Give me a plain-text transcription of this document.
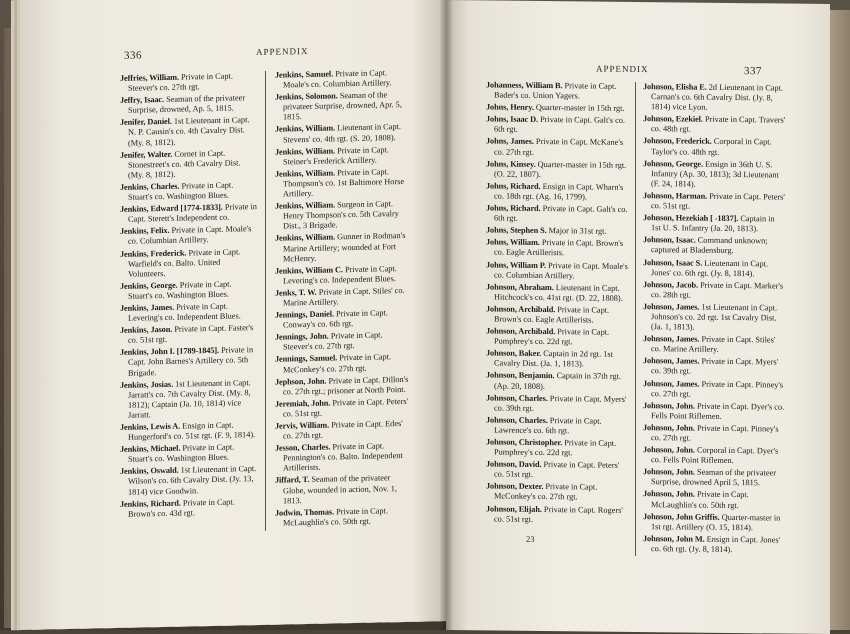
336	APPENDIX

Jeffries, William. Private in Capt. Steever's co. 27th rgt.

Jeffry, Isaac. Seaman of the privateer Surprise, drowned, Ap. 5, 1815.

Jenifer, Daniel. 1st Lieutenant in Capt. N. P. Causin's co. 4th Cavalry Dist. (My. 8, 1812).

Jenifer, Walter. Cornet in Capt. Stonestreet's co. 4th Cavalry Dist. (My. 8, 1812).

Jenkins, Charles. Private in Capt. Stuart's co. Washington Blues.

Jenkins, Edward [1774-1833]. Private in Capt. Sterett's Independent co.

Jenkins, Felix. Private in Capt. Moale's co. Columbian Artillery.

Jenkins, Frederick. Private in Capt. Warfield's co. Balto. United Volunteers.

Jenkins, George. Private in Capt. Stuart's co. Washington Blues.

Jenkins, James. Private in Capt. Levering's co. Independent Blues.

Jenkins, Jason. Private in Capt. Faster's co. 51st rgt.

Jenkins, John I. [1789-1845]. Private in Capt. John Barnes's Artillery co. 5th Brigade.

Jenkins, Josias. 1st Lieutenant in Capt. Jarratt's co. 7th Cavalry Dist. (My. 8, 1812); Captain (Ja. 10, 1814) vice Jarratt.

Jenkins, Lewis A. Ensign in Capt. Hungerford's co. 51st rgt. (F. 9, 1814).

Jenkins, Michael. Private in Capt. Stuart's co. Washington Blues.

Jenkins, Oswald. 1st Lieutenant in Capt. Wilson's co. 6th Cavalry Dist. (Jy. 13, 1814) vice Goodwin.

Jenkins, Richard. Private in Capt. Brown's co. 43d rgt.

Jenkins, Samuel. Private in Capt. Moale's co. Columbian Artillery.

Jenkins, Solomon. Seaman of the privateer Surprise, drowned, Apr. 5, 1815.

Jenkins, William. Lieutenant in Capt. Stevens' co. 4th rgt. (S. 20, 1808).

Jenkins, William. Private in Capt. Steiner's Frederick Artillery.

Jenkins, William. Private in Capt. Thompson's co. 1st Baltimore Horse Artillery.

Jenkins, William. Surgeon in Capt. Henry Thompson's co. 5th Cavalry Dist., 3 Brigade.

Jenkins, William. Gunner in Rodman's Marine Artillery; wounded at Fort McHenry.

Jenkins, William C. Private in Capt. Levering's co. Independent Blues.

Jenks, T. W. Private in Capt. Stiles' co. Marine Artillery.

Jennings, Daniel. Private in Capt. Conway's co. 6th rgt.

Jennings, John. Private in Capt. Steever's co. 27th rgt.

Jennings, Samuel. Private in Capt. McConkey's co. 27th rgt.

Jephson, John. Private in Capt. Dillon's co. 27th rgt.; prisoner at North Point.

Jeremiah, John. Private in Capt. Peters' co. 51st rgt.

Jervis, William. Private in Capt. Edes' co. 27th rgt.

Jesson, Charles. Private in Capt. Pennington's co. Balto. Independent Artillerists.

Jiffard, T. Seaman of the privateer Globe, wounded in action, Nov. 1, 1813.

Jodwin, Thomas. Private in Capt. McLaughlin's co. 50th rgt.

APPENDIX	337

Johanness, William B. Private in Capt. Bader's co. Union Yagers.

Johns, Henry. Quarter-master in 15th rgt.

Johns, Isaac D. Private in Capt. Galt's co. 6th rgt.

Johns, James. Private in Capt. McKane's co. 27th rgt.

Johns, Kinsey. Quarter-master in 15th rgt. (O. 22, 1807).

Johns, Richard. Ensign in Capt. Wharn's co. 18th rgt. (Ag. 16, 1799).

Johns, Richard. Private in Capt. Galt's co. 6th rgt.

Johns, Stephen S. Major in 31st rgt.

Johns, William. Private in Capt. Brown's co. Eagle Artillerists.

Johns, William P. Private in Capt. Moale's co. Columbian Artillery.

Johnson, Abraham. Lieutenant in Capt. Hitchcock's co. 41st rgt. (D. 22, 1808).

Johnson, Archibald. Private in Capt. Brown's co. Eagle Artillerists.

Johnson, Archibald. Private in Capt. Pumphrey's co. 22d rgt.

Johnson, Baker. Captain in 2d rgt. 1st Cavalry Dist. (Ja. 1, 1813).

Johnson, Benjamin. Captain in 37th rgt. (Ap. 20, 1808).

Johnson, Charles. Private in Capt. Myers' co. 39th rgt.

Johnson, Charles. Private in Capt. Lawrence's co. 6th rgt.

Johnson, Christopher. Private in Capt. Pumphrey's co. 22d rgt.

Johnson, David. Private in Capt. Peters' co. 51st rgt.

Johnson, Dexter. Private in Capt. McConkey's co. 27th rgt.

Johnson, Elijah. Private in Capt. Rogers' co. 51st rgt.

Johnson, Elisha E. 2d Lieutenant in Capt. Carnan's co. 6th Cavalry Dist. (Jy. 8, 1814) vice Lyon.

Johnson, Ezekiel. Private in Capt. Travers' co. 48th rgt.

Johnson, Frederick. Corporal in Capt. Taylor's co. 48th rgt.

Johnson, George. Ensign in 36th U. S. Infantry (Ap. 30, 1813); 3d Lieutenant (F. 24, 1814).

Johnson, Harman. Private in Capt. Peters' co. 51st rgt.

Johnson, Hezekiah [ -1837]. Captain in 1st U. S. Infantry (Ja. 20, 1813).

Johnson, Isaac. Command unknown; captured at Bladensburg.

Johnson, Isaac S. Lieutenant in Capt. Jones' co. 6th rgt. (Jy. 8, 1814).

Johnson, Jacob. Private in Capt. Marker's co. 28th rgt.

Johnson, James. 1st Lieutenant in Capt. Johnson's co. 2d rgt. 1st Cavalry Dist. (Ja. 1, 1813).

Johnson, James. Private in Capt. Stiles' co. Marine Artillery.

Johnson, James. Private in Capt. Myers' co. 39th rgt.

Johnson, James. Private in Capt. Pinney's co. 27th rgt.

Johnson, John. Private in Capt. Dyer's co. Fells Point Riflemen.

Johnson, John. Private in Capt. Pinney's co. 27th rgt.

Johnson, John. Corporal in Capt. Dyer's co. Fells Point Riflemen.

Johnson, John. Seaman of the privateer Surprise, drowned April 5, 1815.

Johnson, John. Private in Capt. McLaughlin's co. 50th rgt.

Johnson, John Griffis. Quarter-master in 1st rgt. Artillery (O. 15, 1814).

Johnson, John M. Ensign in Capt. Jones' co. 6th rgt. (Jy. 8, 1814).

23
